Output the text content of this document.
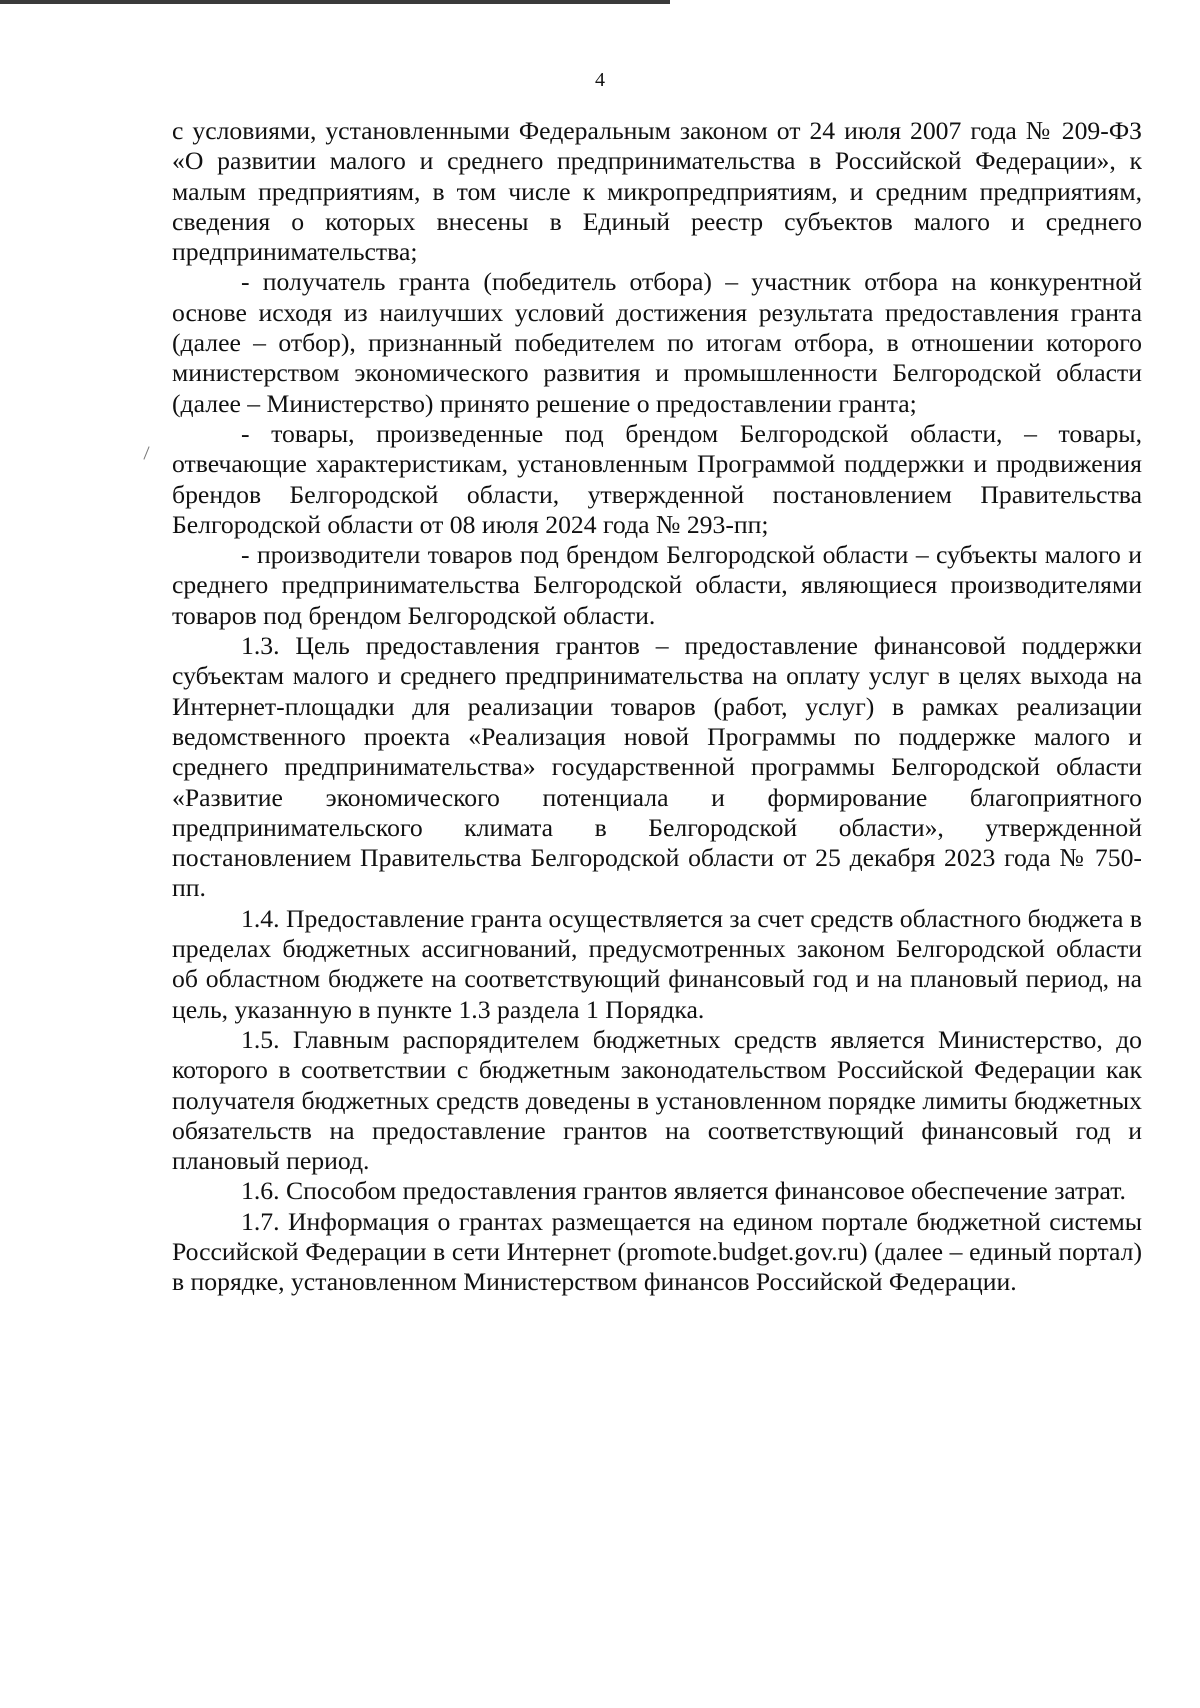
4

с условиями, установленными Федеральным законом от 24 июля 2007 года № 209-ФЗ «О развитии малого и среднего предпринимательства в Российской Федерации», к малым предприятиям, в том числе к микропредприятиям, и средним предприятиям, сведения о которых внесены в Единый реестр субъектов малого и среднего предпринимательства;

- получатель гранта (победитель отбора) – участник отбора на конкурентной основе исходя из наилучших условий достижения результата предоставления гранта (далее – отбор), признанный победителем по итогам отбора, в отношении которого министерством экономического развития и промышленности Белгородской области (далее – Министерство) принято решение о предоставлении гранта;

- товары, произведенные под брендом Белгородской области, – товары, отвечающие характеристикам, установленным Программой поддержки и продвижения брендов Белгородской области, утвержденной постановлением Правительства Белгородской области от 08 июля 2024 года № 293-пп;

- производители товаров под брендом Белгородской области – субъекты малого и среднего предпринимательства Белгородской области, являющиеся производителями товаров под брендом Белгородской области.

1.3. Цель предоставления грантов – предоставление финансовой поддержки субъектам малого и среднего предпринимательства на оплату услуг в целях выхода на Интернет-площадки для реализации товаров (работ, услуг) в рамках реализации ведомственного проекта «Реализация новой Программы по поддержке малого и среднего предпринимательства» государственной программы Белгородской области «Развитие экономического потенциала и формирование благоприятного предпринимательского климата в Белгородской области», утвержденной постановлением Правительства Белгородской области от 25 декабря 2023 года № 750-пп.

1.4. Предоставление гранта осуществляется за счет средств областного бюджета в пределах бюджетных ассигнований, предусмотренных законом Белгородской области об областном бюджете на соответствующий финансовый год и на плановый период, на цель, указанную в пункте 1.3 раздела 1 Порядка.

1.5. Главным распорядителем бюджетных средств является Министерство, до которого в соответствии с бюджетным законодательством Российской Федерации как получателя бюджетных средств доведены в установленном порядке лимиты бюджетных обязательств на предоставление грантов на соответствующий финансовый год и плановый период.

1.6. Способом предоставления грантов является финансовое обеспечение затрат.

1.7. Информация о грантах размещается на едином портале бюджетной системы Российской Федерации в сети Интернет (promote.budget.gov.ru) (далее – единый портал) в порядке, установленном Министерством финансов Российской Федерации.
